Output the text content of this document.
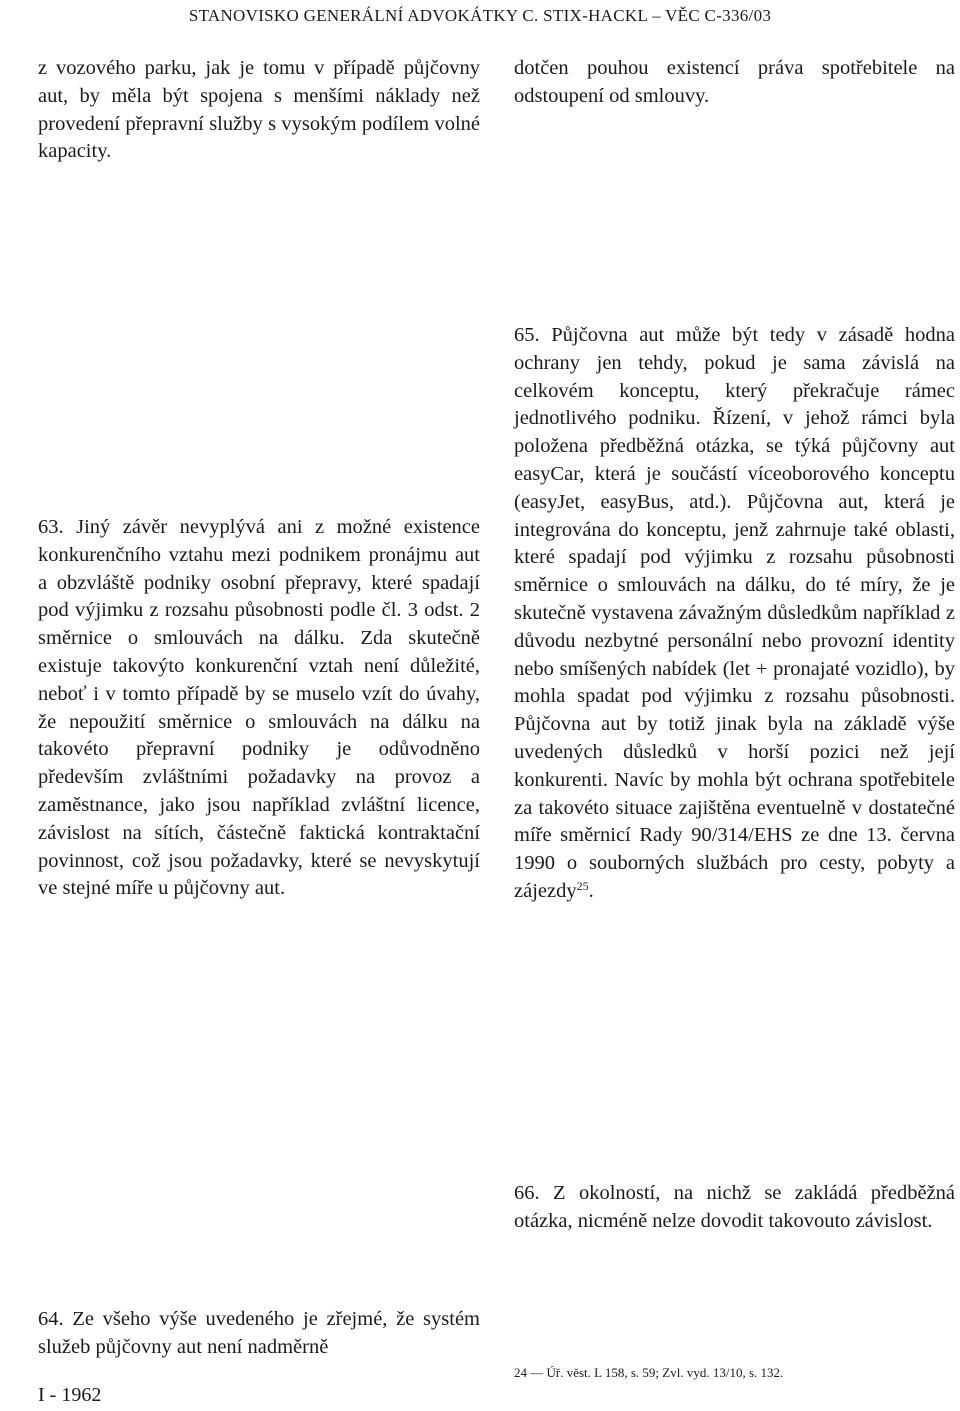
STANOVISKO GENERÁLNÍ ADVOKÁTKY C. STIX-HACKL – VĚC C-336/03
z vozového parku, jak je tomu v případě půjčovny aut, by měla být spojena s menšími náklady než provedení přepravní služby s vysokým podílem volné kapacity.
63. Jiný závěr nevyplývá ani z možné existence konkurenčního vztahu mezi podnikem pronájmu aut a obzvláště podniky osobní přepravy, které spadají pod výjimku z rozsahu působnosti podle čl. 3 odst. 2 směrnice o smlouvách na dálku. Zda skutečně existuje takovýto konkurenční vztah není důležité, neboť i v tomto případě by se muselo vzít do úvahy, že nepoužití směrnice o smlouvách na dálku na takovéto přepravní podniky je odůvodněno především zvláštními požadavky na provoz a zaměstnance, jako jsou například zvláštní licence, závislost na sítích, částečně faktická kontraktační povinnost, což jsou požadavky, které se nevyskytují ve stejné míře u půjčovny aut.
64. Ze všeho výše uvedeného je zřejmé, že systém služeb půjčovny aut není nadměrně
dotčen pouhou existencí práva spotřebitele na odstoupení od smlouvy.
65. Půjčovna aut může být tedy v zásadě hodna ochrany jen tehdy, pokud je sama závislá na celkovém konceptu, který překračuje rámec jednotlivého podniku. Řízení, v jehož rámci byla položena předběžná otázka, se týká půjčovny aut easyCar, která je součástí víceoborového konceptu (easyJet, easyBus, atd.). Půjčovna aut, která je integrována do konceptu, jenž zahrnuje také oblasti, které spadají pod výjimku z rozsahu působnosti směrnice o smlouvách na dálku, do té míry, že je skutečně vystavena závažným důsledkům například z důvodu nezbytné personální nebo provozní identity nebo smíšených nabídek (let + pronajaté vozidlo), by mohla spadat pod výjimku z rozsahu působnosti. Půjčovna aut by totiž jinak byla na základě výše uvedených důsledků v horší pozici než její konkurenti. Navíc by mohla být ochrana spotřebitele za takovéto situace zajištěna eventuelně v dostatečné míře směrnicí Rady 90/314/EHS ze dne 13. června 1990 o souborných službách pro cesty, pobyty a zájezdy$^{25}$.
66. Z okolností, na nichž se zakládá předběžná otázka, nicméně nelze dovodit takovouto závislost.
24 — Úř. věst. L 158, s. 59; Zvl. vyd. 13/10, s. 132.
I - 1962
